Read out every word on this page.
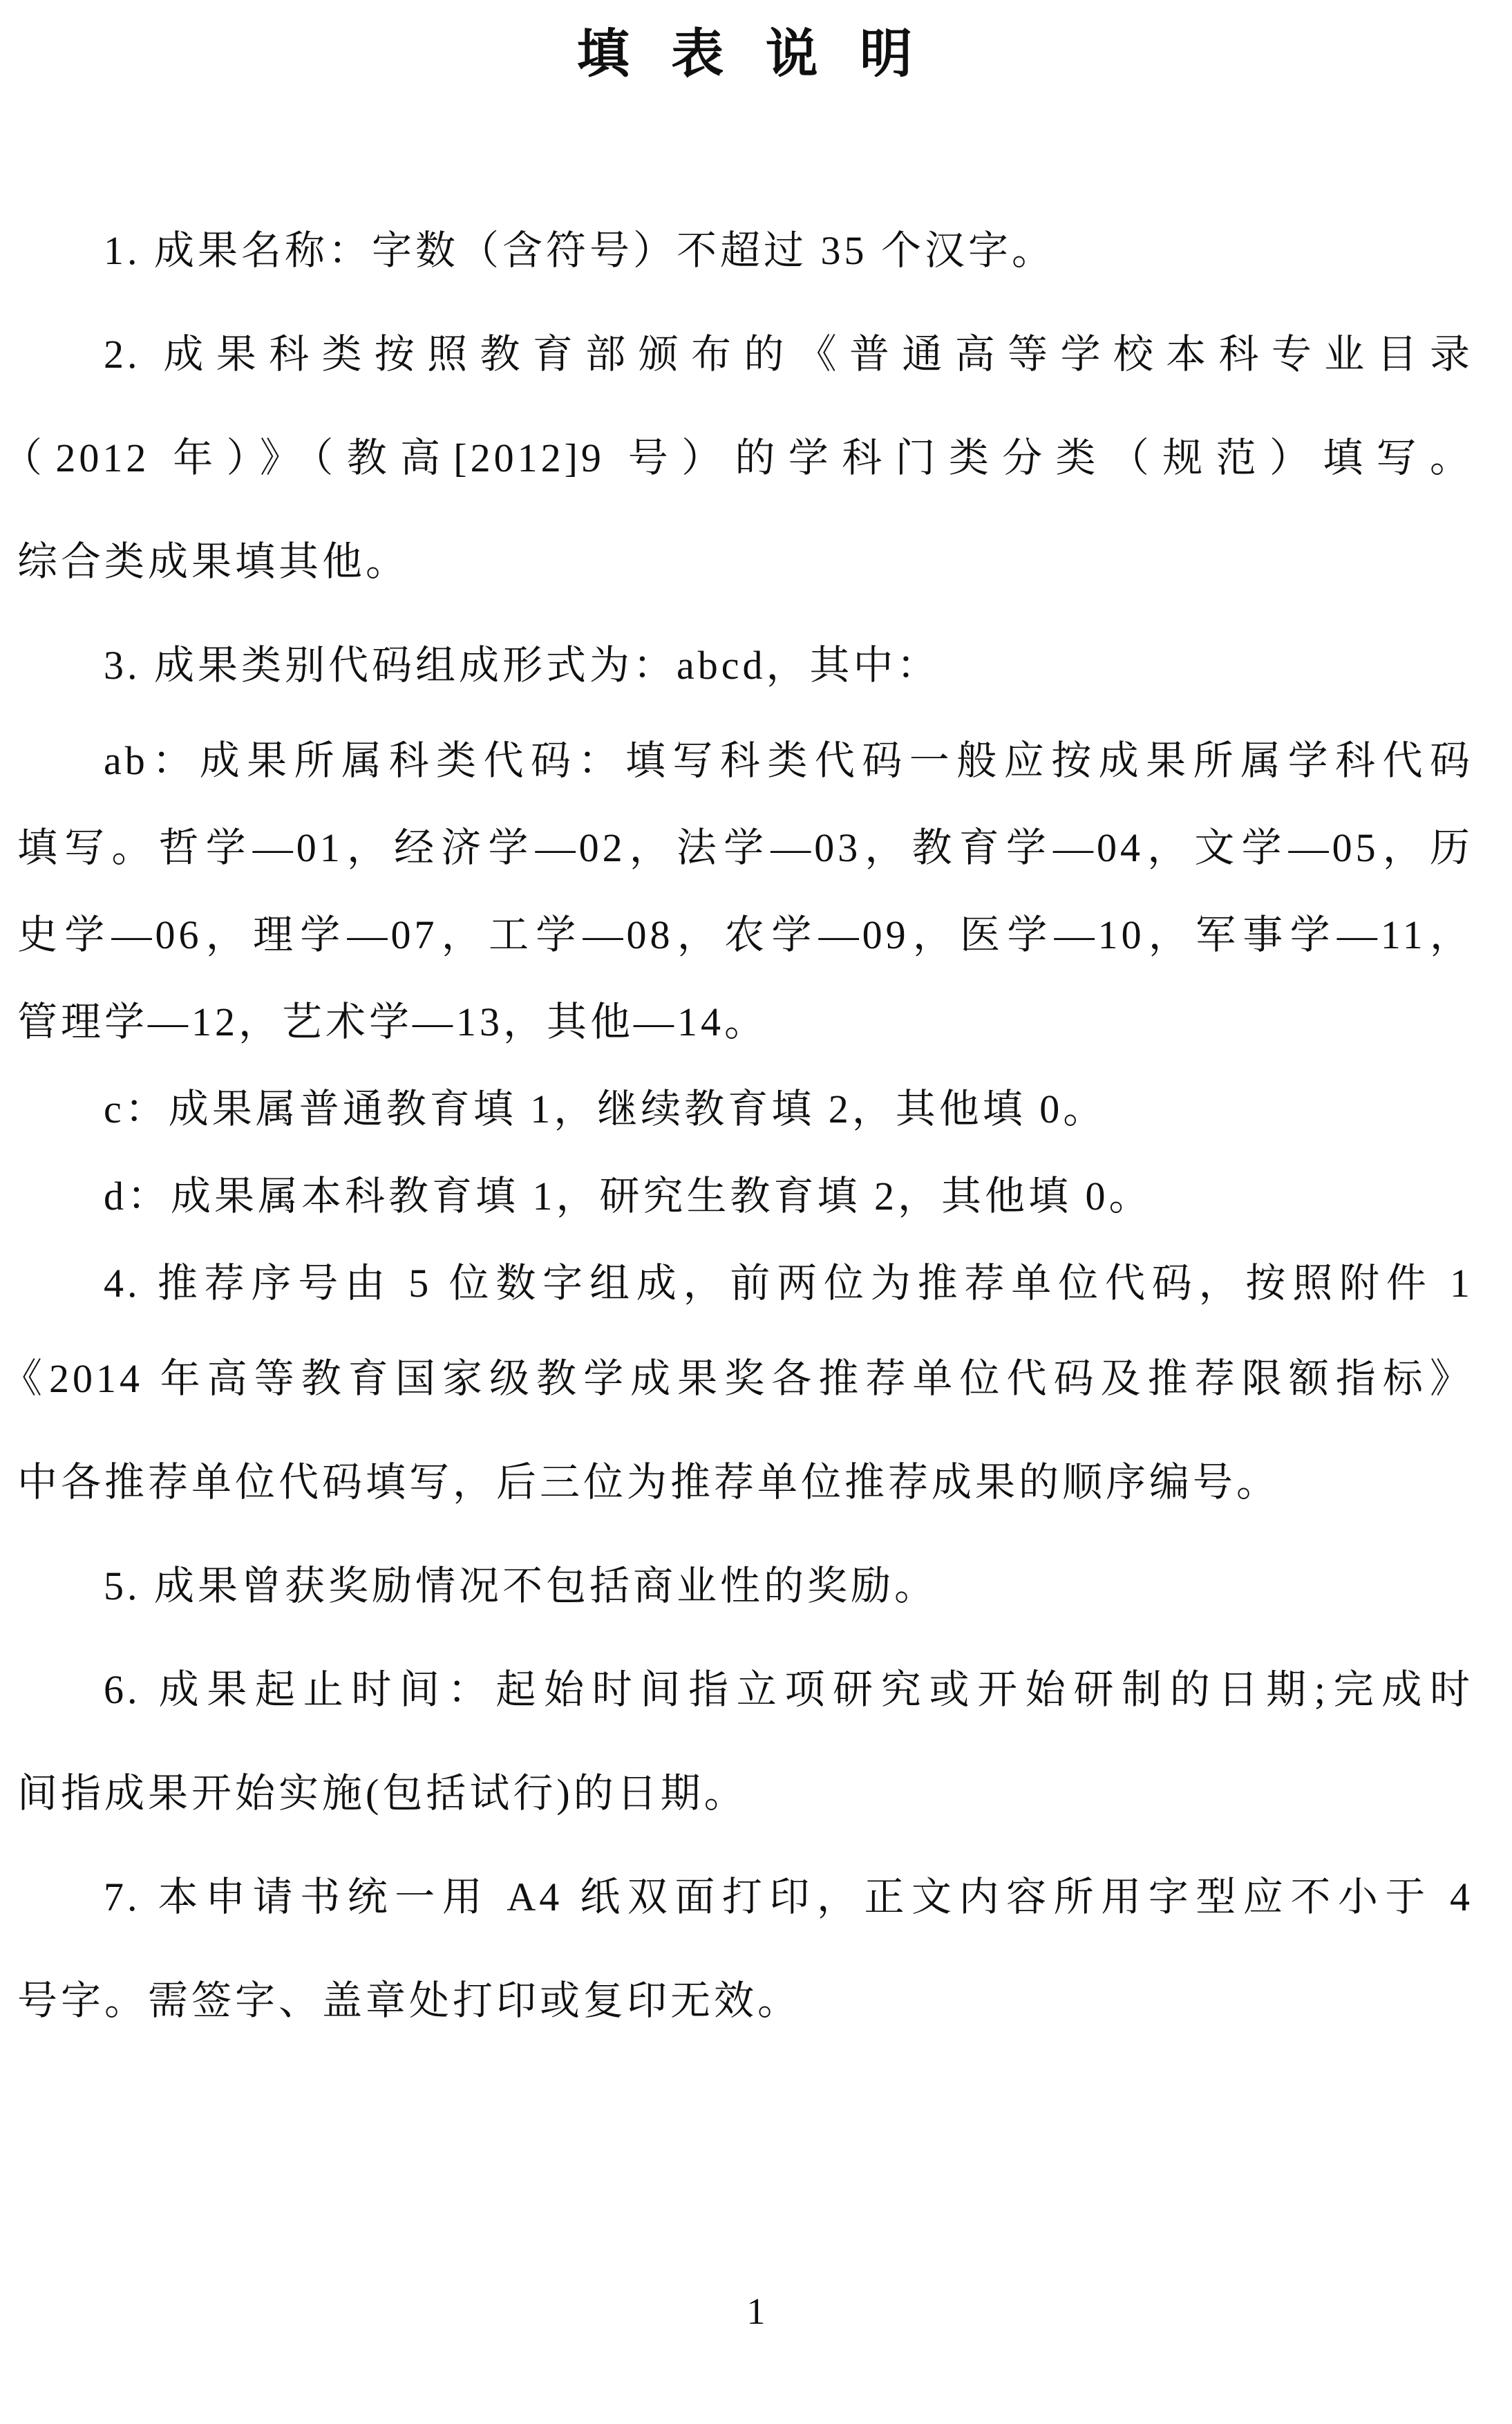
填 表 说 明
1. 成果名称：字数（含符号）不超过 35 个汉字。
2. 成果科类按照教育部颁布的《普通高等学校本科专业目录
（2012 年）》（教高[2012]9 号）的学科门类分类（规范）填写。
综合类成果填其他。
3. 成果类别代码组成形式为：abcd，其中：
ab：成果所属科类代码：填写科类代码一般应按成果所属学科代码
填写。哲学—01，经济学—02，法学—03，教育学—04，文学—05，历
史学—06，理学—07，工学—08，农学—09，医学—10，军事学—11，
管理学—12，艺术学—13，其他—14。
c：成果属普通教育填 1，继续教育填 2，其他填 0。
d：成果属本科教育填 1，研究生教育填 2，其他填 0。
4. 推荐序号由 5 位数字组成，前两位为推荐单位代码，按照附件 1
《2014 年高等教育国家级教学成果奖各推荐单位代码及推荐限额指标》
中各推荐单位代码填写，后三位为推荐单位推荐成果的顺序编号。
5. 成果曾获奖励情况不包括商业性的奖励。
6. 成果起止时间：起始时间指立项研究或开始研制的日期;完成时
间指成果开始实施(包括试行)的日期。
7. 本申请书统一用 A4 纸双面打印，正文内容所用字型应不小于 4
号字。需签字、盖章处打印或复印无效。
1
